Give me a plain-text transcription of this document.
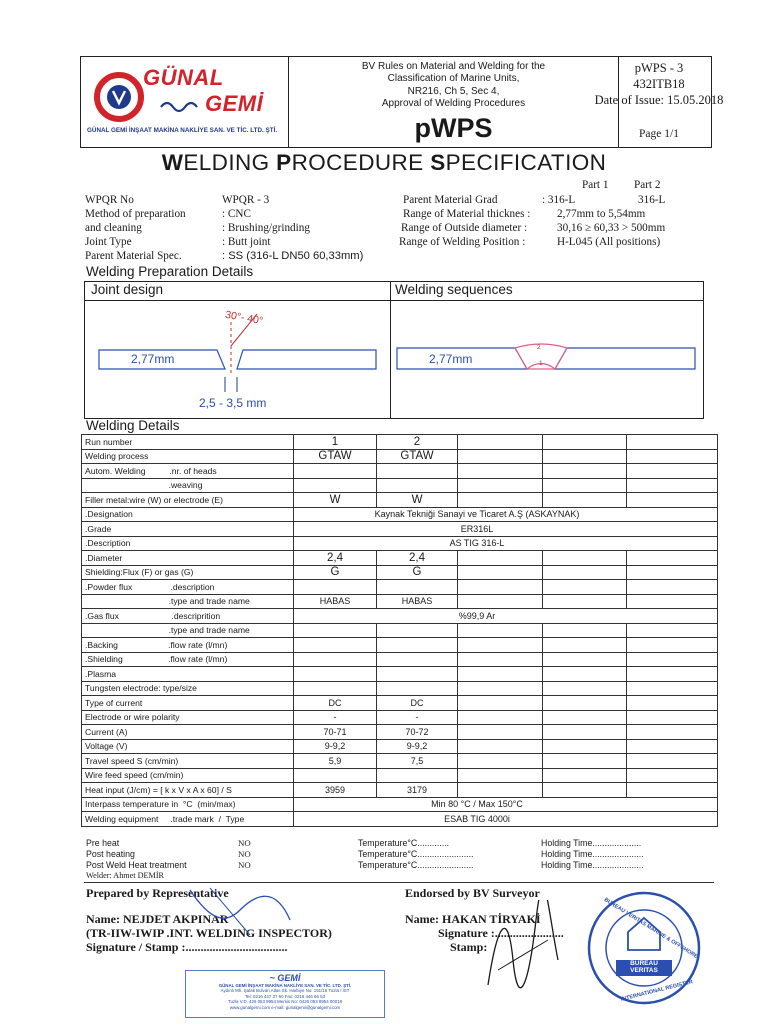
GÜNAL
GEMİ
GÜNAL GEMİ İNŞAAT MAKİNA NAKLİYE SAN. VE TİC. LTD. ŞTİ.
BV Rules on Material and Welding for the
Classification of Marine Units,
NR216, Ch 5, Sec 4,
Approval of Welding Procedures
pWPS
pWPS - 3
432ITB18
Date of Issue: 15.05.2018
Page 1/1
WELDING PROCEDURE SPECIFICATION
WPQR No	WPQR - 3
Method of preparation	: CNC
and cleaning	: Brushing/grinding
Joint Type	: Butt joint
Parent Material Spec.	: SS (316-L DN50 60,33mm)
Part 1 Part 2
Parent Material Grad	: 316-L	316-L
Range of Material thicknes : 2,77mm to 5,54mm
Range of Outside diameter :	30,16 ≥ 60,33 > 500mm
Range of Welding Position :	H-L045 (All positions)
Welding Preparation Details
Joint design	Welding sequences
30°- 40°
2,77mm
2,5 - 3,5 mm
2,77mm
2
1
Welding Details
Run number	1	2			
Welding process	GTAW	GTAW			
Autom. Welding          .nr. of heads					
.weaving					
Filler metal:wire (W) or electrode (E)	W	W			
.Designation	Kaynak Tekniği Sanayi ve Ticaret A.Ş (ASKAYNAK)				
.Grade	ER316L				
.Description	AS TIG 316-L				
.Diameter	2,4	2,4			
Shielding:Flux (F) or gas (G)	G	G			
.Powder flux                .description					
.type and trade name	HABAS	HABAS			
.Gas flux                      .descriprition	%99,9 Ar				
.type and trade name					
.Backing                     .flow rate (l/mn)					
.Shielding                   .flow rate (l/mn)					
.Plasma					
Tungsten electrode: type/size					
Type of current	DC	DC			
Electrode or wire polarity	-	-			
Current (A)	70-71	70-72			
Voltage (V)	9-9,2	9-9,2			
Travel speed S (cm/min)	5,9	7,5			
Wire feed speed (cm/min)					
Heat input (J/cm) = [ k x V x A x 60] / S	3959	3179			
Interpass temperature in  °C  (min/max)	Min 80 °C / Max 150°C				
Welding equipment     .trade mark  /  Type	ESAB TIG 4000i				
Pre heat	NO
Post heating	NO
Post Weld Heat treatment	NO
Welder: Ahmet DEMİR
Temperature°C.............
Temperature°C.......................
Temperature°C.......................
Holding Time....................
Holding Time.....................
Holding Time.....................
Prepared by Representative	Endorsed by BV Surveyor
Name: NEJDET AKPINAR
(TR-IIW-IWIP .INT. WELDING INSPECTOR)
Signature / Stamp :..................................
Name: HAKAN TİRYAKİ
Signature :.......................
Stamp:
BUREAU
VERITAS
BUREAU VERITAS MARINE & OFFSHORE
INTERNATIONAL REGISTER
~ GEMİ
GÜNAL GEMİ İNŞAAT MAKİNA NAKLİYE SAN. VE TİC. LTD. ŞTİ.
Aydınlı Mh. Şafak Bulvarı Atlas Sk. Harbiye No: 191/16 Tuzla / İST
Tel: 0216 447 37 60 Fax: 0216 446 66 53
Tuzla V.D. 426 053 9954 Mersis No: 0426 053 9954 00018
www.gunalgemi.com e-mail: gunalgemi@gunalgemi.com
